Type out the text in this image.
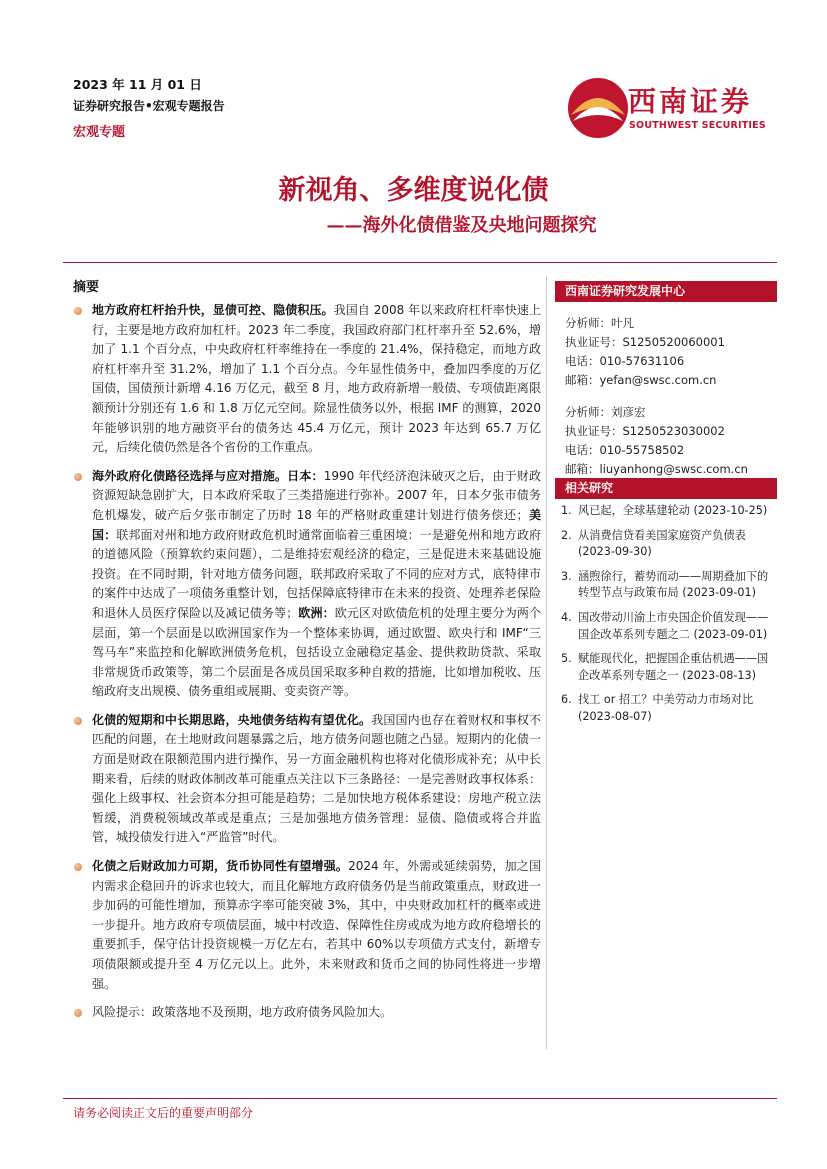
2023 年 11 月 01 日
证券研究报告•宏观专题报告
宏观专题
西南证券
SOUTHWEST SECURITIES
新视角、多维度说化债
——海外化债借鉴及央地问题探究
摘要
地方政府杠杆抬升快，显债可控、隐债积压。我国自 2008 年以来政府杠杆率快速上行，主要是地方政府加杠杆。2023 年二季度，我国政府部门杠杆率升至 52.6%，增加了 1.1 个百分点，中央政府杠杆率维持在一季度的 21.4%，保持稳定，而地方政府杠杆率升至 31.2%，增加了 1.1 个百分点。今年显性债务中，叠加四季度的万亿国债，国债预计新增 4.16 万亿元，截至 8 月，地方政府新增一般债、专项债距离限额预计分别还有 1.6 和 1.8 万亿元空间。除显性债务以外，根据 IMF 的测算，2020 年能够识别的地方融资平台的债务达 45.4 万亿元，预计 2023 年达到 65.7 万亿元，后续化债仍然是各个省份的工作重点。
海外政府化债路径选择与应对措施。日本：1990 年代经济泡沫破灭之后，由于财政资源短缺急剧扩大，日本政府采取了三类措施进行弥补。2007 年，日本夕张市债务危机爆发，破产后夕张市制定了历时 18 年的严格财政重建计划进行债务偿还；美国：联邦面对州和地方政府财政危机时通常面临着三重困境：一是避免州和地方政府的道德风险（预算软约束问题），二是维持宏观经济的稳定，三是促进未来基础设施投资。在不同时期，针对地方债务问题，联邦政府采取了不同的应对方式，底特律市的案件中达成了一项债务重整计划，包括保障底特律市在未来的投资、处理养老保险和退休人员医疗保险以及减记债务等；欧洲：欧元区对欧债危机的处理主要分为两个层面，第一个层面是以欧洲国家作为一个整体来协调，通过欧盟、欧央行和 IMF“三驾马车”来监控和化解欧洲债务危机，包括设立金融稳定基金、提供救助贷款、采取非常规货币政策等，第二个层面是各成员国采取多种自救的措施，比如增加税收、压缩政府支出规模、债务重组或展期、变卖资产等。
化债的短期和中长期思路，央地债务结构有望优化。我国国内也存在着财权和事权不匹配的问题，在土地财政问题暴露之后，地方债务问题也随之凸显。短期内的化债一方面是财政在限额范围内进行操作，另一方面金融机构也将对化债形成补充；从中长期来看，后续的财政体制改革可能重点关注以下三条路径：一是完善财政事权体系：强化上级事权、社会资本分担可能是趋势；二是加快地方税体系建设：房地产税立法暂缓，消费税领域改革或是重点；三是加强地方债务管理：显债、隐债或将合并监管，城投债发行进入“严监管”时代。
化债之后财政加力可期，货币协同性有望增强。2024 年，外需或延续弱势，加之国内需求企稳回升的诉求也较大，而且化解地方政府债务仍是当前政策重点，财政进一步加码的可能性增加，预算赤字率可能突破 3%，其中，中央财政加杠杆的概率或进一步提升。地方政府专项债层面，城中村改造、保障性住房或成为地方政府稳增长的重要抓手，保守估计投资规模一万亿左右，若其中 60%以专项债方式支付，新增专项债限额或提升至 4 万亿元以上。此外，未来财政和货币之间的协同性将进一步增强。
风险提示：政策落地不及预期，地方政府债务风险加大。
西南证券研究发展中心
分析师：叶凡
执业证号：S1250520060001
电话：010-57631106
邮箱：yefan@swsc.com.cn
分析师：刘彦宏
执业证号：S1250523030002
电话：010-55758502
邮箱：liuyanhong@swsc.com.cn
相关研究
1. 风已起，全球基建轮动 (2023-10-25)
2. 从消费信贷看美国家庭资产负债表 (2023-09-30)
3. 涵煦徐行，蓄势而动——周期叠加下的转型节点与政策布局 (2023-09-01)
4. 国改带动川渝上市央国企价值发现——国企改革系列专题之二 (2023-09-01)
5. 赋能现代化，把握国企重估机遇——国企改革系列专题之一 (2023-08-13)
6. 找工 or 招工？中美劳动力市场对比 (2023-08-07)
请务必阅读正文后的重要声明部分
